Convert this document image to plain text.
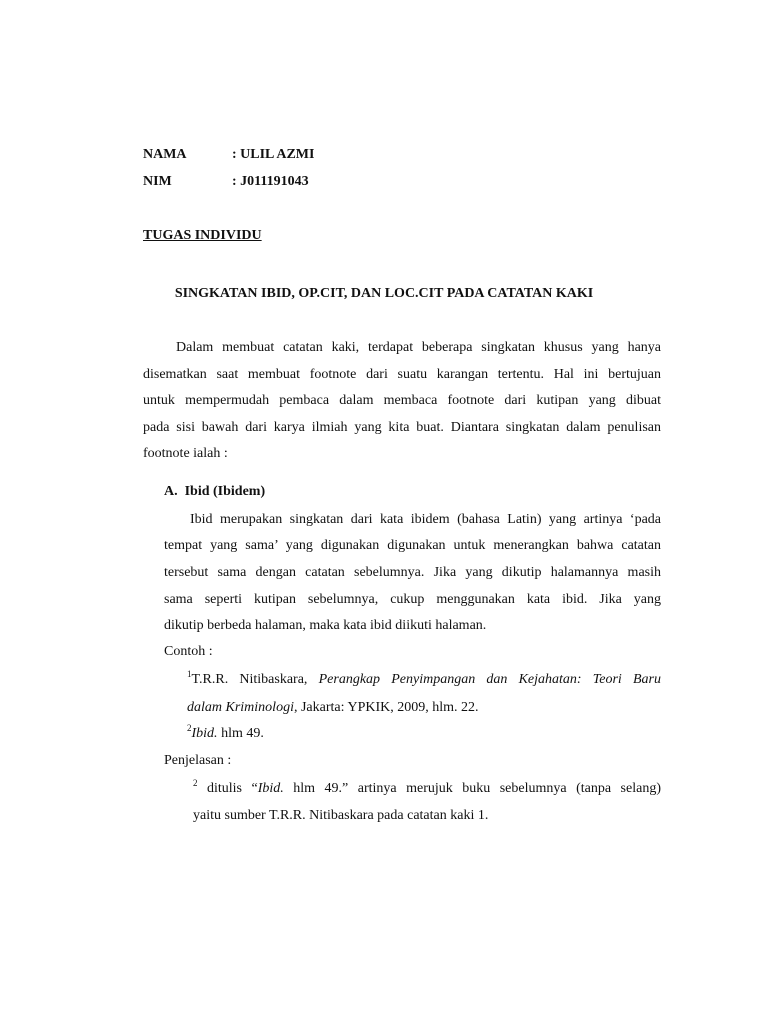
NAMA	: ULIL AZMI
NIM	: J011191043
TUGAS INDIVIDU
SINGKATAN IBID, OP.CIT, DAN LOC.CIT PADA CATATAN KAKI
Dalam membuat catatan kaki, terdapat beberapa singkatan khusus yang hanya
disematkan saat membuat footnote dari suatu karangan tertentu. Hal ini bertujuan
untuk mempermudah pembaca dalam membaca footnote dari kutipan yang dibuat
pada sisi bawah dari karya ilmiah yang kita buat. Diantara singkatan dalam penulisan
footnote ialah :
A.  Ibid (Ibidem)
Ibid merupakan singkatan dari kata ibidem (bahasa Latin) yang artinya ‘pada
tempat yang sama’ yang digunakan digunakan untuk menerangkan bahwa catatan
tersebut sama dengan catatan sebelumnya. Jika yang dikutip halamannya masih
sama seperti kutipan sebelumnya, cukup menggunakan kata ibid. Jika yang
dikutip berbeda halaman, maka kata ibid diikuti halaman.
Contoh :
$^1$T.R.R. Nitibaskara, Perangkap Penyimpangan dan Kejahatan: Teori Baru
dalam Kriminologi, Jakarta: YPKIK, 2009, hlm. 22.
$^2$Ibid. hlm 49.
Penjelasan :
$^2$ ditulis “Ibid. hlm 49.” artinya merujuk buku sebelumnya (tanpa selang)
yaitu sumber T.R.R. Nitibaskara pada catatan kaki 1.
